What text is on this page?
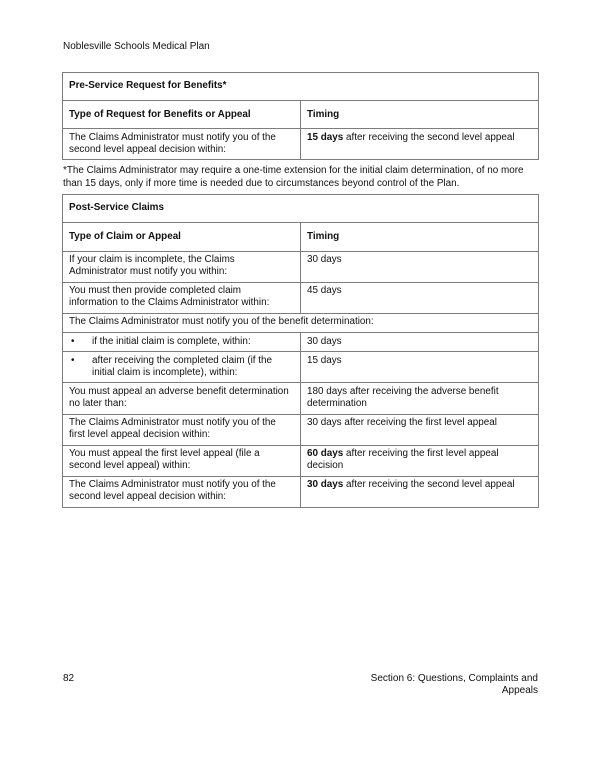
Noblesville Schools Medical Plan
Pre-Service Request for Benefits*	
Type of Request for Benefits or Appeal	Timing
The Claims Administrator must notify you of the second level appeal decision within:	15 days after receiving the second level appeal
*The Claims Administrator may require a one-time extension for the initial claim determination, of no more than 15 days, only if more time is needed due to circumstances beyond control of the Plan.
Post-Service Claims	
Type of Claim or Appeal	Timing
If your claim is incomplete, the Claims Administrator must notify you within:	30 days
You must then provide completed claim information to the Claims Administrator within:	45 days
The Claims Administrator must notify you of the benefit determination:	

• if the initial claim is complete, within:	30 days

• after receiving the completed claim (if the initial claim is incomplete), within:	15 days
You must appeal an adverse benefit determination no later than:	180 days after receiving the adverse benefit determination
The Claims Administrator must notify you of the first level appeal decision within:	30 days after receiving the first level appeal
You must appeal the first level appeal (file a second level appeal) within:	60 days after receiving the first level appeal decision
The Claims Administrator must notify you of the second level appeal decision within:	30 days after receiving the second level appeal
82	Section 6: Questions, Complaints and
Appeals
